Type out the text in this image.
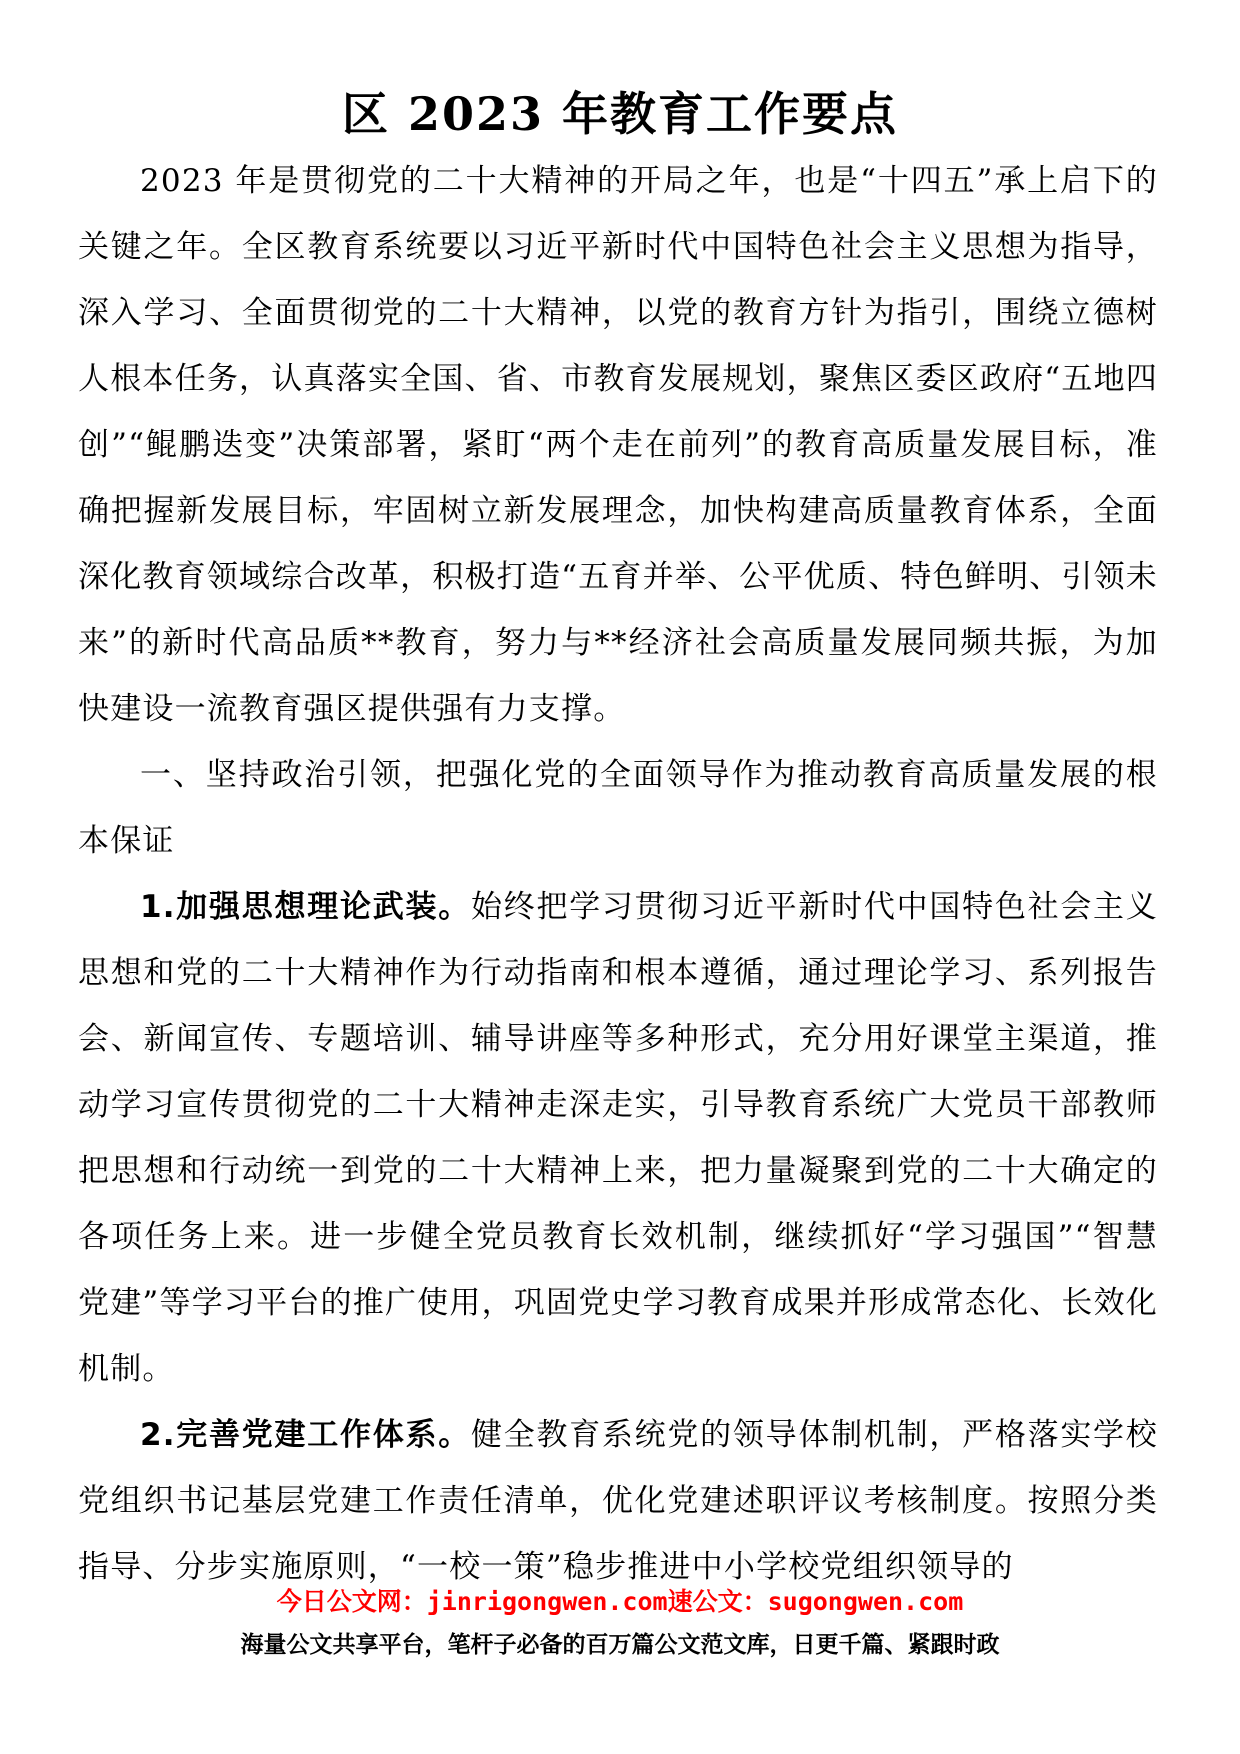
区 2023 年教育工作要点

2023 年是贯彻党的二十大精神的开局之年，也是“十四五”承上启下的关键之年。全区教育系统要以习近平新时代中国特色社会主义思想为指导，深入学习、全面贯彻党的二十大精神，以党的教育方针为指引，围绕立德树人根本任务，认真落实全国、省、市教育发展规划，聚焦区委区政府“五地四创”“鲲鹏迭变”决策部署，紧盯“两个走在前列”的教育高质量发展目标，准确把握新发展目标，牢固树立新发展理念，加快构建高质量教育体系，全面深化教育领域综合改革，积极打造“五育并举、公平优质、特色鲜明、引领未来”的新时代高品质**教育，努力与**经济社会高质量发展同频共振，为加快建设一流教育强区提供强有力支撑。

一、坚持政治引领，把强化党的全面领导作为推动教育高质量发展的根本保证

1.加强思想理论武装。始终把学习贯彻习近平新时代中国特色社会主义思想和党的二十大精神作为行动指南和根本遵循，通过理论学习、系列报告会、新闻宣传、专题培训、辅导讲座等多种形式，充分用好课堂主渠道，推动学习宣传贯彻党的二十大精神走深走实，引导教育系统广大党员干部教师把思想和行动统一到党的二十大精神上来，把力量凝聚到党的二十大确定的各项任务上来。进一步健全党员教育长效机制，继续抓好“学习强国”“智慧党建”等学习平台的推广使用，巩固党史学习教育成果并形成常态化、长效化机制。

2.完善党建工作体系。健全教育系统党的领导体制机制，严格落实学校党组织书记基层党建工作责任清单，优化党建述职评议考核制度。按照分类指导、分步实施原则，“一校一策”稳步推进中小学校党组织领导的

今日公文网：jinrigongwen.com速公文：sugongwen.com
海量公文共享平台，笔杆子必备的百万篇公文范文库，日更千篇、紧跟时政
